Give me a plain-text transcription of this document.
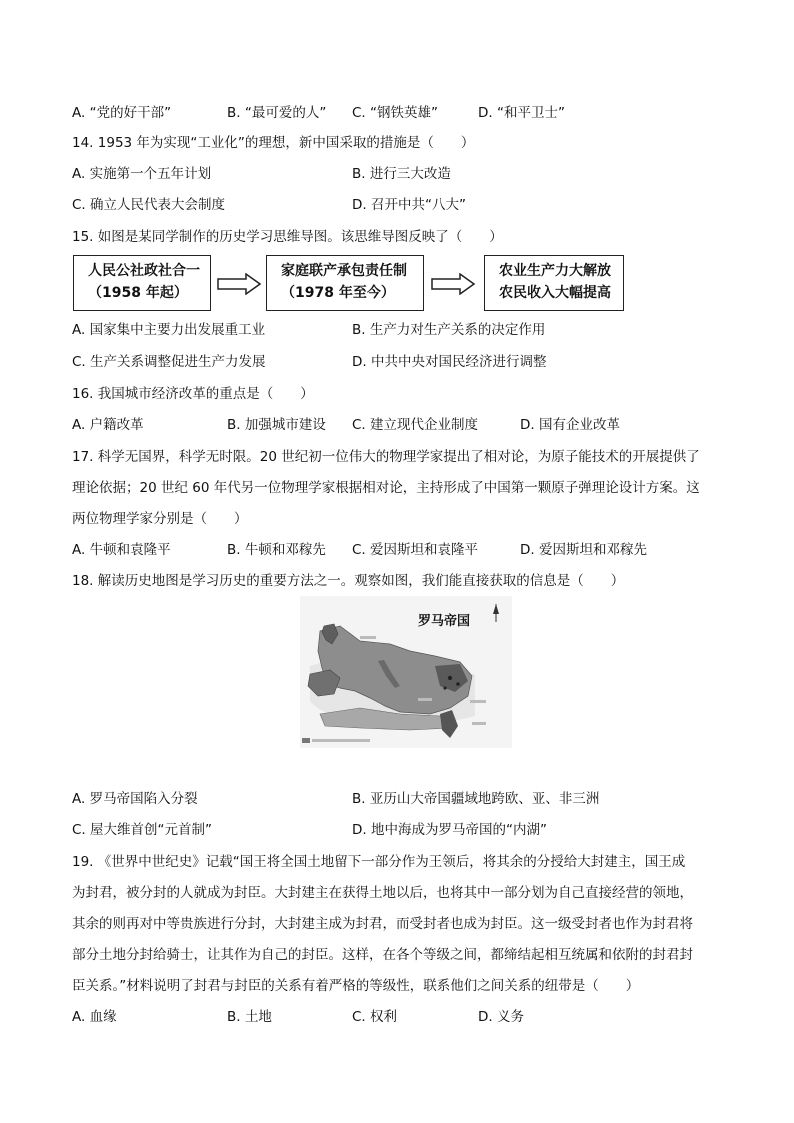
A. “党的好干部”	B. “最可爱的人” C. “钢铁英雄”	D. “和平卫士”
14. 1953 年为实现“工业化”的理想，新中国采取的措施是（　　）
A. 实施第一个五年计划	B. 进行三大改造
C. 确立人民代表大会制度	D. 召开中共“八大”
15. 如图是某同学制作的历史学习思维导图。该思维导图反映了（　　）
人民公社政社合一
（1958 年起）
家庭联产承包责任制
（1978 年至今）
农业生产力大解放
农民收入大幅提高
A. 国家集中主要力出发展重工业	B. 生产力对生产关系的决定作用
C. 生产关系调整促进生产力发展	D. 中共中央对国民经济进行调整
16. 我国城市经济改革的重点是（　　）
A. 户籍改革	B. 加强城市建设 C. 建立现代企业制度	D. 国有企业改革
17. 科学无国界，科学无时限。20 世纪初一位伟大的物理学家提出了相对论，为原子能技术的开展提供了
理论依据；20 世纪 60 年代另一位物理学家根据相对论，主持形成了中国第一颗原子弹理论设计方案。这
两位物理学家分别是（　　）
A. 牛顿和袁隆平	B. 牛顿和邓稼先 C. 爱因斯坦和袁隆平	D. 爱因斯坦和邓稼先
18. 解读历史地图是学习历史的重要方法之一。观察如图，我们能直接获取的信息是（　　）
罗马帝国
A. 罗马帝国陷入分裂	B. 亚历山大帝国疆域地跨欧、亚、非三洲
C. 屋大维首创“元首制”	D. 地中海成为罗马帝国的“内湖”
19. 《世界中世纪史》记载“国王将全国土地留下一部分作为王领后，将其余的分授给大封建主，国王成
为封君，被分封的人就成为封臣。大封建主在获得土地以后，也将其中一部分划为自己直接经营的领地，
其余的则再对中等贵族进行分封，大封建主成为封君，而受封者也成为封臣。这一级受封者也作为封君将
部分土地分封给骑士，让其作为自己的封臣。这样，在各个等级之间，都缔结起相互统属和依附的封君封
臣关系。”材料说明了封君与封臣的关系有着严格的等级性，联系他们之间关系的纽带是（　　）
A. 血缘	B. 土地	C. 权利	D. 义务
